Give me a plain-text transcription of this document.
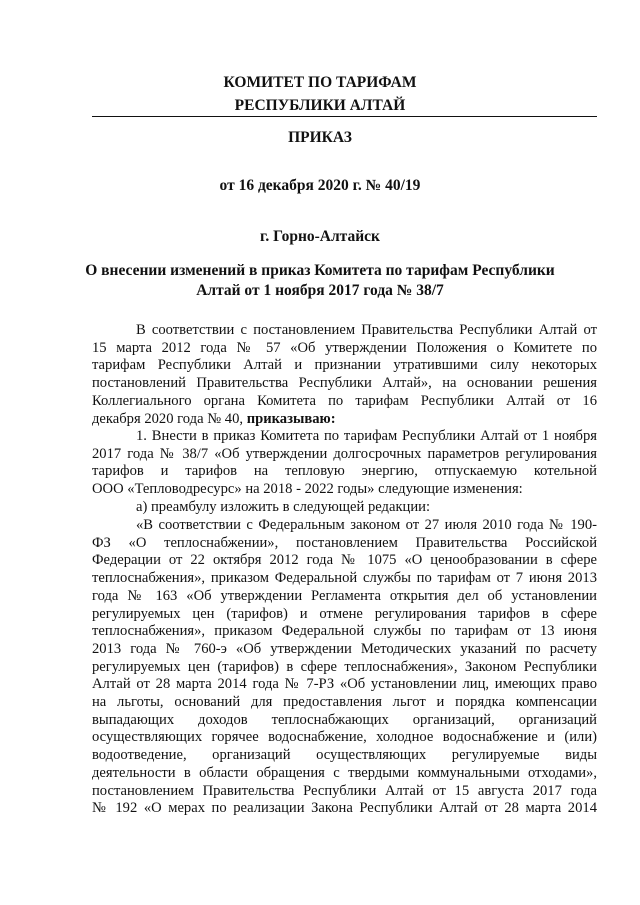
КОМИТЕТ ПО ТАРИФАМ
РЕСПУБЛИКИ АЛТАЙ
ПРИКАЗ
от 16 декабря 2020 г. № 40/19
г. Горно-Алтайск
О внесении изменений в приказ Комитета по тарифам Республики
Алтай от 1 ноября 2017 года № 38/7
В соответствии с постановлением Правительства Республики Алтай от
15 марта 2012 года № 57 «Об утверждении Положения о Комитете по
тарифам Республики Алтай и признании утратившими силу некоторых
постановлений Правительства Республики Алтай», на основании решения
Коллегиального органа Комитета по тарифам Республики Алтай от 16
декабря 2020 года № 40, приказываю:
1. Внести в приказ Комитета по тарифам Республики Алтай от 1 ноября
2017 года № 38/7 «Об утверждении долгосрочных параметров регулирования
тарифов и тарифов на тепловую энергию, отпускаемую котельной
ООО «Тепловодресурс» на 2018 - 2022 годы» следующие изменения:
а) преамбулу изложить в следующей редакции:
«В соответствии с Федеральным законом от 27 июля 2010 года № 190-
ФЗ «О теплоснабжении», постановлением Правительства Российской
Федерации от 22 октября 2012 года № 1075 «О ценообразовании в сфере
теплоснабжения», приказом Федеральной службы по тарифам от 7 июня 2013
года № 163 «Об утверждении Регламента открытия дел об установлении
регулируемых цен (тарифов) и отмене регулирования тарифов в сфере
теплоснабжения», приказом Федеральной службы по тарифам от 13 июня
2013 года № 760-э «Об утверждении Методических указаний по расчету
регулируемых цен (тарифов) в сфере теплоснабжения», Законом Республики
Алтай от 28 марта 2014 года № 7-РЗ «Об установлении лиц, имеющих право
на льготы, оснований для предоставления льгот и порядка компенсации
выпадающих доходов теплоснабжающих организаций, организаций
осуществляющих горячее водоснабжение, холодное водоснабжение и (или)
водоотведение, организаций осуществляющих регулируемые виды
деятельности в области обращения с твердыми коммунальными отходами»,
постановлением Правительства Республики Алтай от 15 августа 2017 года
№ 192 «О мерах по реализации Закона Республики Алтай от 28 марта 2014
